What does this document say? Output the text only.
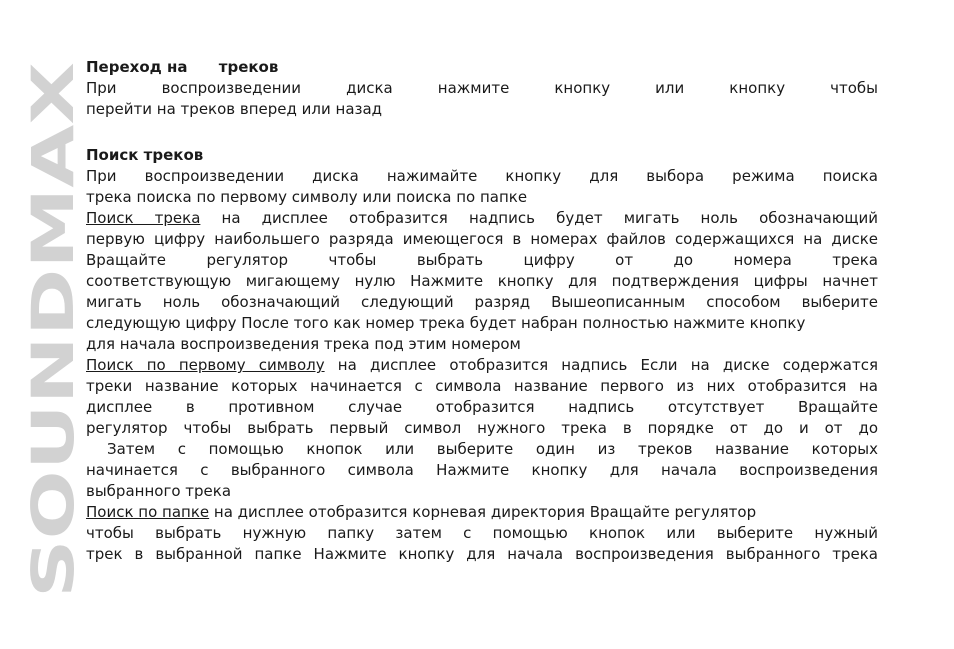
SOUNDMAX

Переход на      треков

При воспроизведении диска нажмите кнопку или кнопку чтобы

перейти на треков вперед или назад

Поиск треков

При воспроизведении диска нажимайте кнопку для выбора режима поиска

трека поиска по первому символу или поиска по папке

Поиск трека на дисплее отобразится надпись будет мигать ноль обозначающий

первую цифру наибольшего разряда имеющегося в номерах файлов содержащихся на диске

Вращайте регулятор чтобы выбрать цифру от до номера трека

соответствующую мигающему нулю Нажмите кнопку для подтверждения цифры начнет

мигать ноль обозначающий следующий разряд Вышеописанным способом выберите

следующую цифру После того как номер трека будет набран полностью нажмите кнопку

для начала воспроизведения трека под этим номером

Поиск по первому символу на дисплее отобразится надпись Если на диске содержатся

треки название которых начинается с символа название первого из них отобразится на

дисплее в противном случае отобразится надпись отсутствует Вращайте

регулятор чтобы выбрать первый символ нужного трека в порядке от до и от до

Затем с помощью кнопок или выберите один из треков название которых

начинается с выбранного символа Нажмите кнопку для начала воспроизведения

выбранного трека

Поиск по папке на дисплее отобразится корневая директория Вращайте регулятор

чтобы выбрать нужную папку затем с помощью кнопок или выберите нужный

трек в выбранной папке Нажмите кнопку для начала воспроизведения выбранного трека
